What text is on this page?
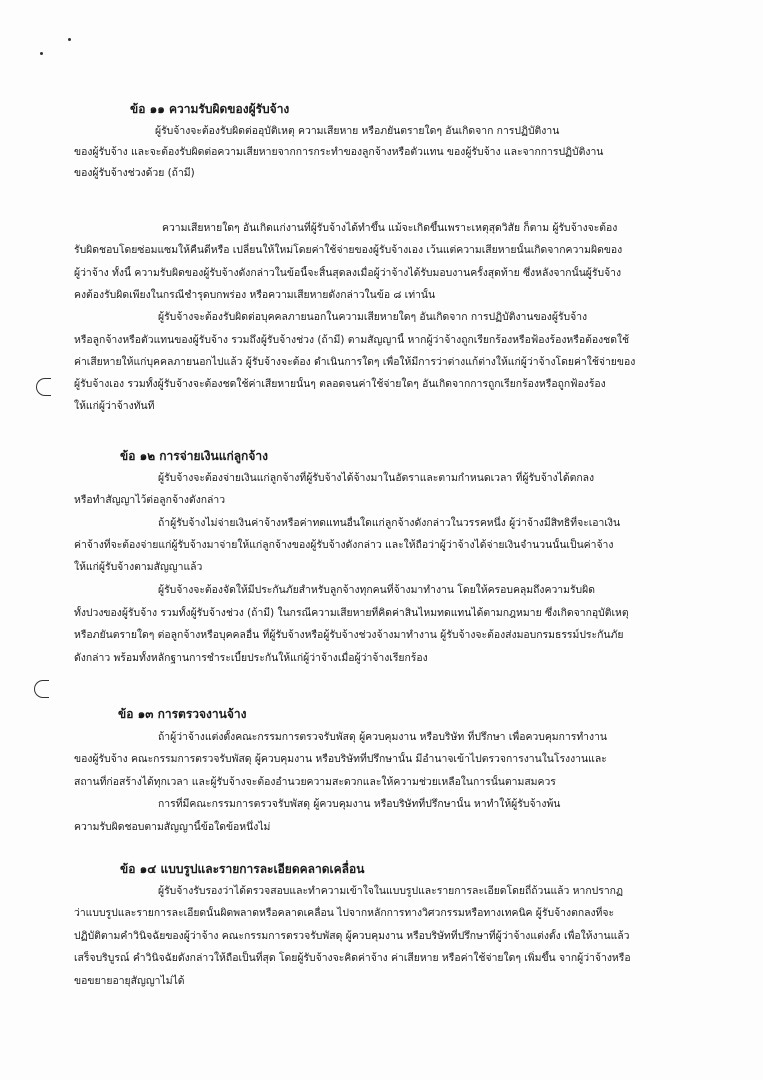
ข้อ ๑๑ ความรับผิดของผู้รับจ้าง
ผู้รับจ้างจะต้องรับผิดต่ออุบัติเหตุ ความเสียหาย หรือภยันตรายใดๆ อันเกิดจาก การปฏิบัติงาน
ของผู้รับจ้าง และจะต้องรับผิดต่อความเสียหายจากการกระทำของลูกจ้างหรือตัวแทน ของผู้รับจ้าง และจากการปฏิบัติงาน
ของผู้รับจ้างช่วงด้วย (ถ้ามี)
ความเสียหายใดๆ อันเกิดแก่งานที่ผู้รับจ้างได้ทำขึ้น แม้จะเกิดขึ้นเพราะเหตุสุดวิสัย ก็ตาม ผู้รับจ้างจะต้อง
รับผิดชอบโดยซ่อมแซมให้คืนดีหรือ เปลี่ยนให้ใหม่โดยค่าใช้จ่ายของผู้รับจ้างเอง เว้นแต่ความเสียหายนั้นเกิดจากความผิดของ
ผู้ว่าจ้าง ทั้งนี้ ความรับผิดของผู้รับจ้างดังกล่าวในข้อนี้จะสิ้นสุดลงเมื่อผู้ว่าจ้างได้รับมอบงานครั้งสุดท้าย ซึ่งหลังจากนั้นผู้รับจ้าง
คงต้องรับผิดเพียงในกรณีชำรุดบกพร่อง หรือความเสียหายดังกล่าวในข้อ ๘ เท่านั้น
ผู้รับจ้างจะต้องรับผิดต่อบุคคลภายนอกในความเสียหายใดๆ อันเกิดจาก การปฏิบัติงานของผู้รับจ้าง
หรือลูกจ้างหรือตัวแทนของผู้รับจ้าง รวมถึงผู้รับจ้างช่วง (ถ้ามี) ตามสัญญานี้ หากผู้ว่าจ้างถูกเรียกร้องหรือฟ้องร้องหรือต้องชดใช้
ค่าเสียหายให้แก่บุคคลภายนอกไปแล้ว ผู้รับจ้างจะต้อง ดำเนินการใดๆ เพื่อให้มีการว่าต่างแก้ต่างให้แก่ผู้ว่าจ้างโดยค่าใช้จ่ายของ
ผู้รับจ้างเอง รวมทั้งผู้รับจ้างจะต้องชดใช้ค่าเสียหายนั้นๆ ตลอดจนค่าใช้จ่ายใดๆ อันเกิดจากการถูกเรียกร้องหรือถูกฟ้องร้อง
ให้แก่ผู้ว่าจ้างทันที
ข้อ ๑๒ การจ่ายเงินแก่ลูกจ้าง
ผู้รับจ้างจะต้องจ่ายเงินแก่ลูกจ้างที่ผู้รับจ้างได้จ้างมาในอัตราและตามกำหนดเวลา ที่ผู้รับจ้างได้ตกลง
หรือทำสัญญาไว้ต่อลูกจ้างดังกล่าว
ถ้าผู้รับจ้างไม่จ่ายเงินค่าจ้างหรือค่าทดแทนอื่นใดแก่ลูกจ้างดังกล่าวในวรรคหนึ่ง ผู้ว่าจ้างมีสิทธิที่จะเอาเงิน
ค่าจ้างที่จะต้องจ่ายแก่ผู้รับจ้างมาจ่ายให้แก่ลูกจ้างของผู้รับจ้างดังกล่าว และให้ถือว่าผู้ว่าจ้างได้จ่ายเงินจำนวนนั้นเป็นค่าจ้าง
ให้แก่ผู้รับจ้างตามสัญญาแล้ว
ผู้รับจ้างจะต้องจัดให้มีประกันภัยสำหรับลูกจ้างทุกคนที่จ้างมาทำงาน โดยให้ครอบคลุมถึงความรับผิด
ทั้งปวงของผู้รับจ้าง รวมทั้งผู้รับจ้างช่วง (ถ้ามี) ในกรณีความเสียหายที่คิดค่าสินไหมทดแทนได้ตามกฎหมาย ซึ่งเกิดจากอุบัติเหตุ
หรือภยันตรายใดๆ ต่อลูกจ้างหรือบุคคลอื่น ที่ผู้รับจ้างหรือผู้รับจ้างช่วงจ้างมาทำงาน ผู้รับจ้างจะต้องส่งมอบกรมธรรม์ประกันภัย
ดังกล่าว พร้อมทั้งหลักฐานการชำระเบี้ยประกันให้แก่ผู้ว่าจ้างเมื่อผู้ว่าจ้างเรียกร้อง
ข้อ ๑๓ การตรวจงานจ้าง
ถ้าผู้ว่าจ้างแต่งตั้งคณะกรรมการตรวจรับพัสดุ ผู้ควบคุมงาน หรือบริษัท ที่ปรึกษา เพื่อควบคุมการทำงาน
ของผู้รับจ้าง คณะกรรมการตรวจรับพัสดุ ผู้ควบคุมงาน หรือบริษัทที่ปรึกษานั้น มีอำนาจเข้าไปตรวจการงานในโรงงานและ
สถานที่ก่อสร้างได้ทุกเวลา และผู้รับจ้างจะต้องอำนวยความสะดวกและให้ความช่วยเหลือในการนั้นตามสมควร
การที่มีคณะกรรมการตรวจรับพัสดุ ผู้ควบคุมงาน หรือบริษัทที่ปรึกษานั้น หาทำให้ผู้รับจ้างพ้น
ความรับผิดชอบตามสัญญานี้ข้อใดข้อหนึ่งไม่
ข้อ ๑๔ แบบรูปและรายการละเอียดคลาดเคลื่อน
ผู้รับจ้างรับรองว่าได้ตรวจสอบและทำความเข้าใจในแบบรูปและรายการละเอียดโดยถี่ถ้วนแล้ว หากปรากฏ
ว่าแบบรูปและรายการละเอียดนั้นผิดพลาดหรือคลาดเคลื่อน ไปจากหลักการทางวิศวกรรมหรือทางเทคนิค ผู้รับจ้างตกลงที่จะ
ปฏิบัติตามคำวินิจฉัยของผู้ว่าจ้าง คณะกรรมการตรวจรับพัสดุ ผู้ควบคุมงาน หรือบริษัทที่ปรึกษาที่ผู้ว่าจ้างแต่งตั้ง เพื่อให้งานแล้ว
เสร็จบริบูรณ์ คำวินิจฉัยดังกล่าวให้ถือเป็นที่สุด โดยผู้รับจ้างจะคิดค่าจ้าง ค่าเสียหาย หรือค่าใช้จ่ายใดๆ เพิ่มขึ้น จากผู้ว่าจ้างหรือ
ขอขยายอายุสัญญาไม่ได้
